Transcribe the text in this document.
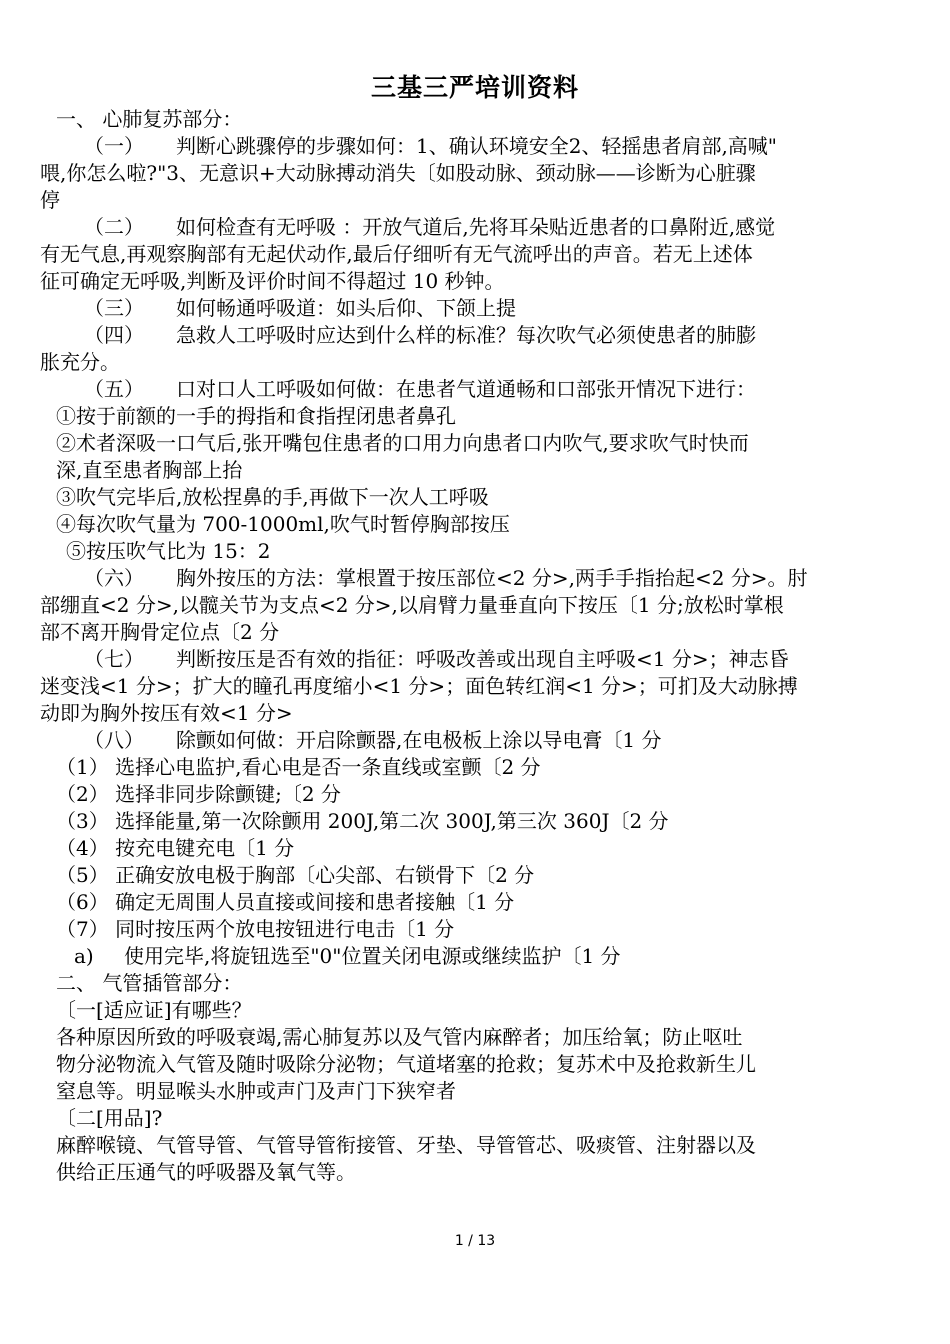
三基三严培训资料
一、 心肺复苏部分：
（一） 判断心跳骤停的步骤如何：1、确认环境安全2、轻摇患者肩部,高喊"
喂,你怎么啦?"3、无意识+大动脉搏动消失〔如股动脉、颈动脉——诊断为心脏骤
停
（二） 如何检查有无呼吸 ：开放气道后,先将耳朵贴近患者的口鼻附近,感觉
有无气息,再观察胸部有无起伏动作,最后仔细听有无气流呼出的声音。若无上述体
征可确定无呼吸,判断及评价时间不得超过 10 秒钟。
（三） 如何畅通呼吸道：如头后仰、下颌上提
（四） 急救人工呼吸时应达到什么样的标准？每次吹气必须使患者的肺膨
胀充分。
（五） 口对口人工呼吸如何做：在患者气道通畅和口部张开情况下进行：
①按于前额的一手的拇指和食指捏闭患者鼻孔
②术者深吸一口气后,张开嘴包住患者的口用力向患者口内吹气,要求吹气时快而
深,直至患者胸部上抬
③吹气完毕后,放松捏鼻的手,再做下一次人工呼吸
④每次吹气量为 700-1000ml,吹气时暂停胸部按压
⑤按压吹气比为 15：2
（六） 胸外按压的方法：掌根置于按压部位<2 分>,两手手指抬起<2 分>。肘
部绷直<2 分>,以髋关节为支点<2 分>,以肩臂力量垂直向下按压〔1 分;放松时掌根
部不离开胸骨定位点〔2 分
（七） 判断按压是否有效的指征：呼吸改善或出现自主呼吸<1 分>；神志昏
迷变浅<1 分>；扩大的瞳孔再度缩小<1 分>；面色转红润<1 分>；可扪及大动脉搏
动即为胸外按压有效<1 分>
（八） 除颤如何做：开启除颤器,在电极板上涂以导电膏〔1 分
（1） 选择心电监护,看心电是否一条直线或室颤〔2 分
（2） 选择非同步除颤键;〔2 分
（3） 选择能量,第一次除颤用 200J,第二次 300J,第三次 360J〔2 分
（4） 按充电键充电〔1 分
（5） 正确安放电极于胸部〔心尖部、右锁骨下〔2 分
（6） 确定无周围人员直接或间接和患者接触〔1 分
（7） 同时按压两个放电按钮进行电击〔1 分
a) 使用完毕,将旋钮选至"0"位置关闭电源或继续监护〔1 分
二、 气管插管部分：
〔一[适应证]有哪些？
各种原因所致的呼吸衰竭,需心肺复苏以及气管内麻醉者；加压给氧；防止呕吐
物分泌物流入气管及随时吸除分泌物；气道堵塞的抢救；复苏术中及抢救新生儿
窒息等。明显喉头水肿或声门及声门下狭窄者
〔二[用品]?
麻醉喉镜、气管导管、气管导管衔接管、牙垫、导管管芯、吸痰管、注射器以及
供给正压通气的呼吸器及氧气等。
1 / 13
